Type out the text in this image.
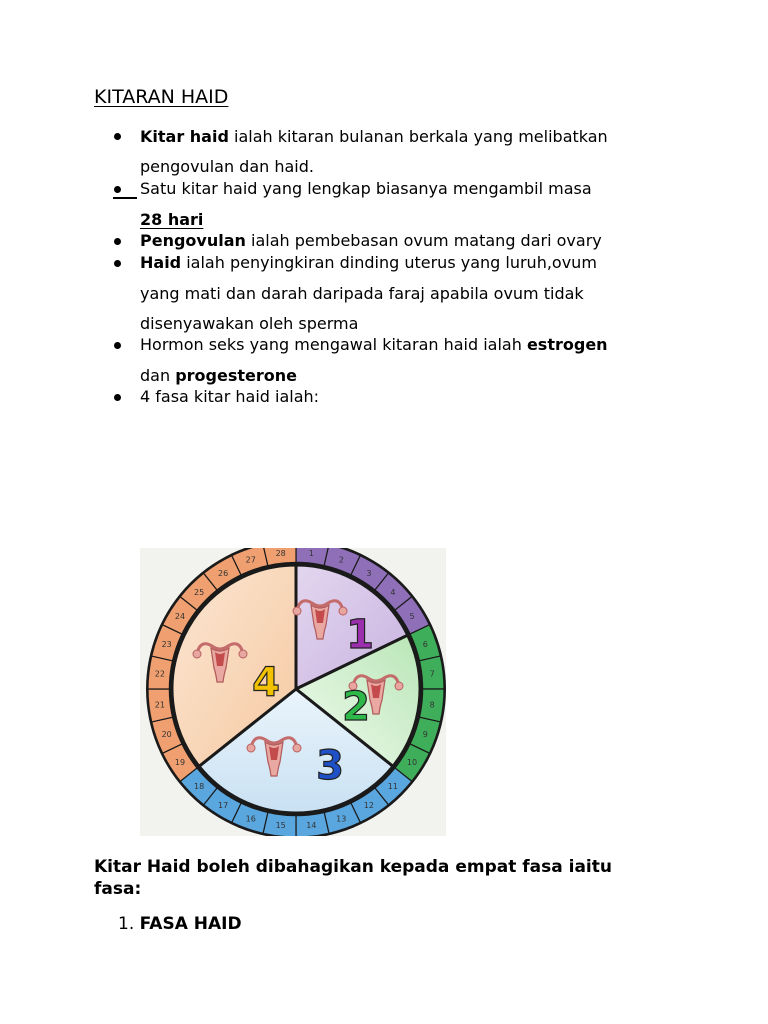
KITARAN HAID
Kitar haid ialah kitaran bulanan berkala yang melibatkan
pengovulan dan haid.
Satu kitar haid yang lengkap biasanya mengambil masa
28 hari
Pengovulan ialah pembebasan ovum matang dari ovary
Haid ialah penyingkiran dinding uterus yang luruh,ovum
yang mati dan darah daripada faraj apabila ovum tidak
disenyawakan oleh sperma
Hormon seks yang mengawal kitaran haid ialah estrogen
dan progesterone
4 fasa kitar haid ialah:
1
2
3
4
5
6
7
8
9
10
11
12
13
14
15
16
17
18
19
20
21
22
23
24
25
26
27
28
1
2
3
4

Kitar Haid boleh dibahagikan kepada empat fasa iaitu fasa:

1. FASA HAID
